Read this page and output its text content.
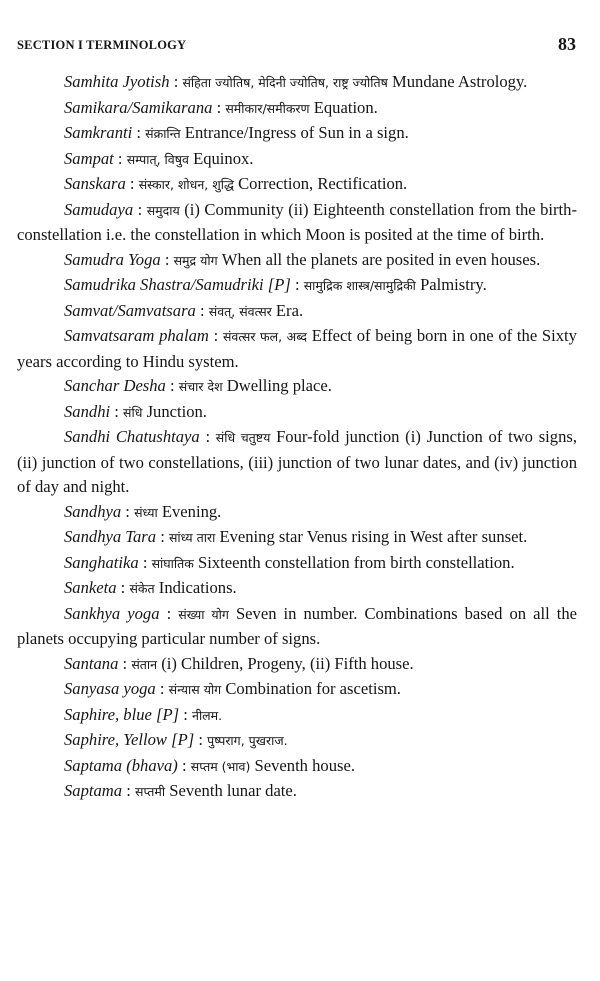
SECTION I TERMINOLOGY	83

Samhita Jyotish : संहिता ज्योतिष, मेदिनी ज्योतिष, राष्ट्र ज्योतिष Mundane Astrology.

Samikara/Samikarana : समीकार/समीकरण Equation.

Samkranti : संक्रान्ति Entrance/Ingress of Sun in a sign.

Sampat : सम्पात्, विषुव Equinox.

Sanskara : संस्कार, शोधन, शुद्धि Correction, Rectification.

Samudaya : समुदाय (i) Community (ii) Eighteenth constellation from the birth-constellation i.e. the constellation in which Moon is posited at the time of birth.

Samudra Yoga : समुद्र योग When all the planets are posited in even houses.

Samudrika Shastra/Samudriki [P] : सामुद्रिक शास्त्र/सामुद्रिकी Palmistry.

Samvat/Samvatsara : संवत्, संवत्सर Era.

Samvatsaram phalam : संवत्सर फल, अब्द Effect of being born in one of the Sixty years according to Hindu system.

Sanchar Desha : संचार देश Dwelling place.

Sandhi : संधि Junction.

Sandhi Chatushtaya : संधि चतुष्टय Four-fold junction (i) Junction of two signs, (ii) junction of two constellations, (iii) junction of two lunar dates, and (iv) junction of day and night.

Sandhya : संध्या Evening.

Sandhya Tara : सांध्य तारा Evening star Venus rising in West after sunset.

Sanghatika : सांघातिक Sixteenth constellation from birth constellation.

Sanketa : संकेत Indications.

Sankhya yoga : संख्या योग Seven in number. Combinations based on all the planets occupying particular number of signs.

Santana : संतान (i) Children, Progeny, (ii) Fifth house.

Sanyasa yoga : संन्यास योग Combination for ascetism.

Saphire, blue [P] : नीलम.

Saphire, Yellow [P] : पुष्पराग, पुखराज.

Saptama (bhava) : सप्तम (भाव) Seventh house.

Saptama : सप्तमी Seventh lunar date.
